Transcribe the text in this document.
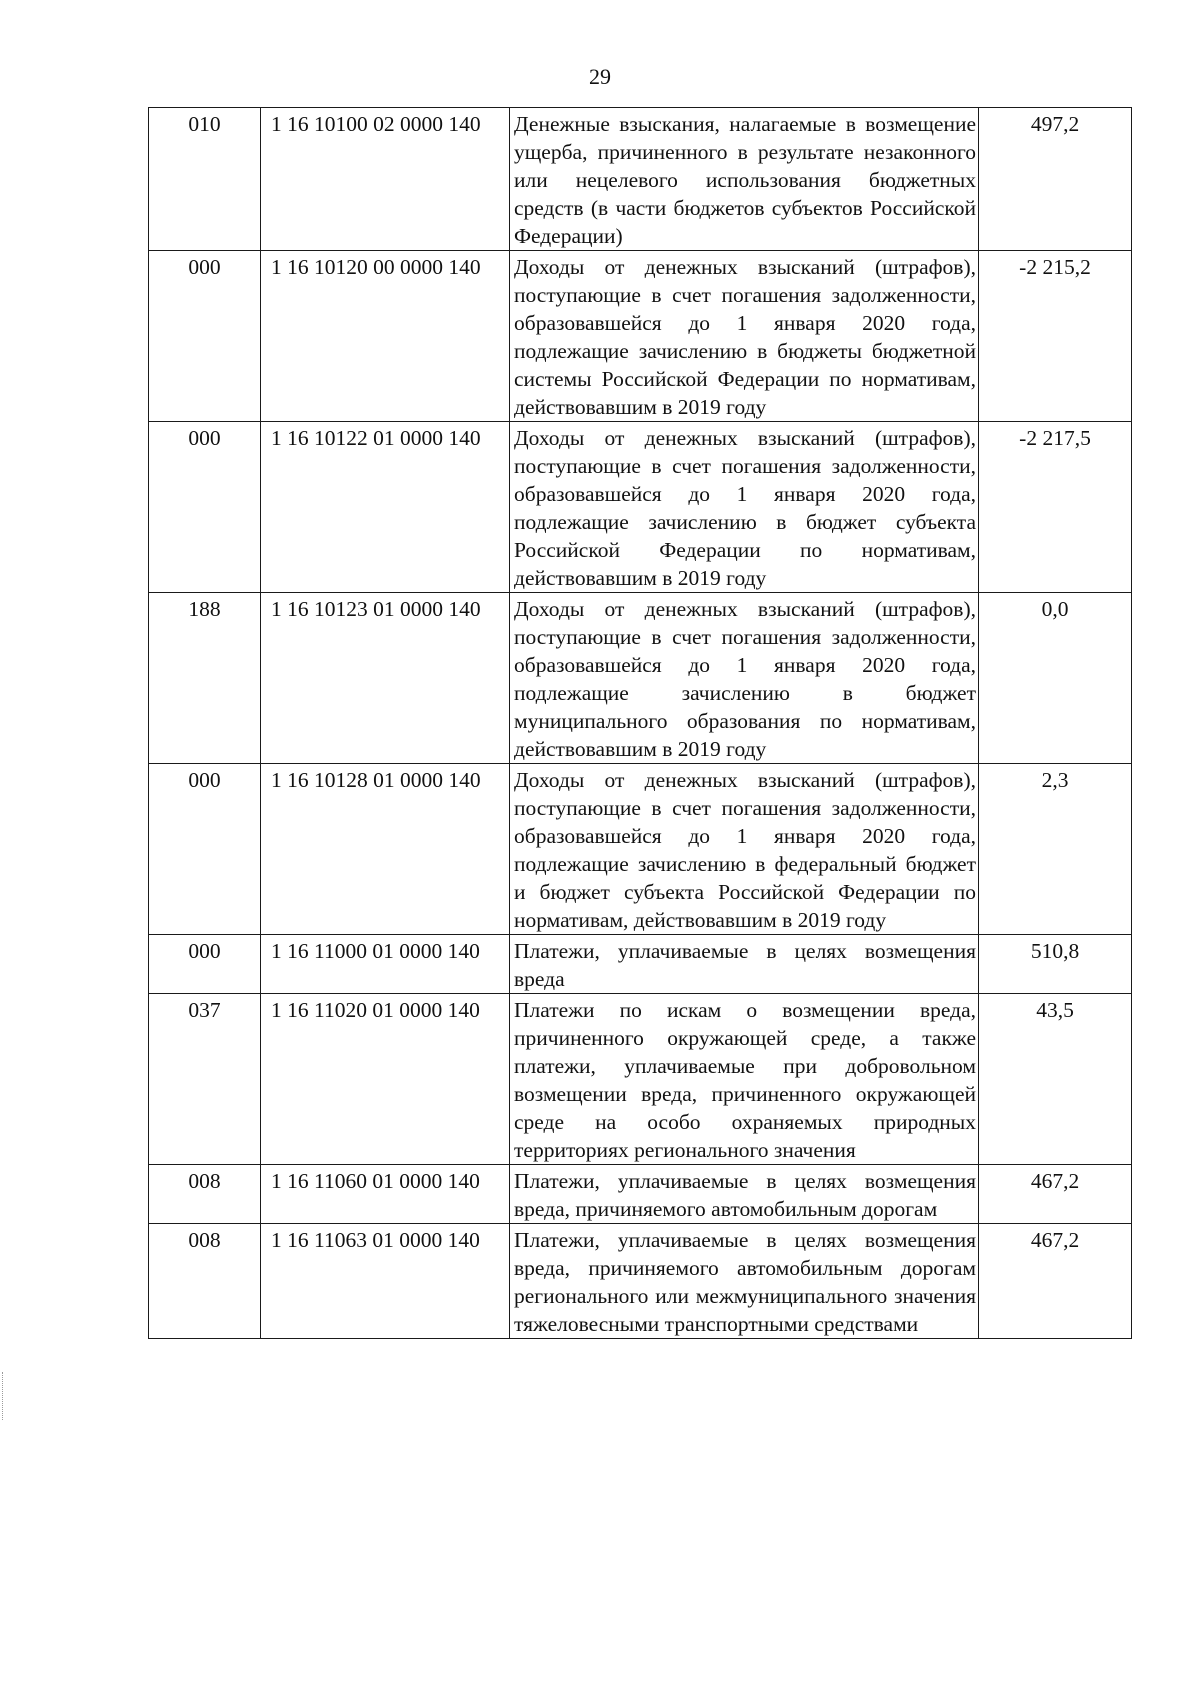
29
010	1 16 10100 02 0000 140	Денежные взыскания, налагаемые в возмещение ущерба, причиненного в результате незаконного или нецелевого использования бюджетных средств (в части бюджетов субъектов Российской Федерации)	497,2
000	1 16 10120 00 0000 140	Доходы от денежных взысканий (штрафов), поступающие в счет погашения задолженности, образовавшейся до 1 января 2020 года, подлежащие зачислению в бюджеты бюджетной системы Российской Федерации по нормативам, действовавшим в 2019 году	-2 215,2
000	1 16 10122 01 0000 140	Доходы от денежных взысканий (штрафов), поступающие в счет погашения задолженности, образовавшейся до 1 января 2020 года, подлежащие зачислению в бюджет субъекта Российской Федерации по нормативам, действовавшим в 2019 году	-2 217,5
188	1 16 10123 01 0000 140	Доходы от денежных взысканий (штрафов), поступающие в счет погашения задолженности, образовавшейся до 1 января 2020 года, подлежащие зачислению в бюджет муниципального образования по нормативам, действовавшим в 2019 году	0,0
000	1 16 10128 01 0000 140	Доходы от денежных взысканий (штрафов), поступающие в счет погашения задолженности, образовавшейся до 1 января 2020 года, подлежащие зачислению в федеральный бюджет и бюджет субъекта Российской Федерации по нормативам, действовавшим в 2019 году	2,3
000	1 16 11000 01 0000 140	Платежи, уплачиваемые в целях возмещения вреда	510,8
037	1 16 11020 01 0000 140	Платежи по искам о возмещении вреда, причиненного окружающей среде, а также платежи, уплачиваемые при добровольном возмещении вреда, причиненного окружающей среде на особо охраняемых природных территориях регионального значения	43,5
008	1 16 11060 01 0000 140	Платежи, уплачиваемые в целях возмещения вреда, причиняемого автомобильным дорогам	467,2
008	1 16 11063 01 0000 140	Платежи, уплачиваемые в целях возмещения вреда, причиняемого автомобильным дорогам регионального или межмуниципального значения тяжеловесными транспортными средствами	467,2
